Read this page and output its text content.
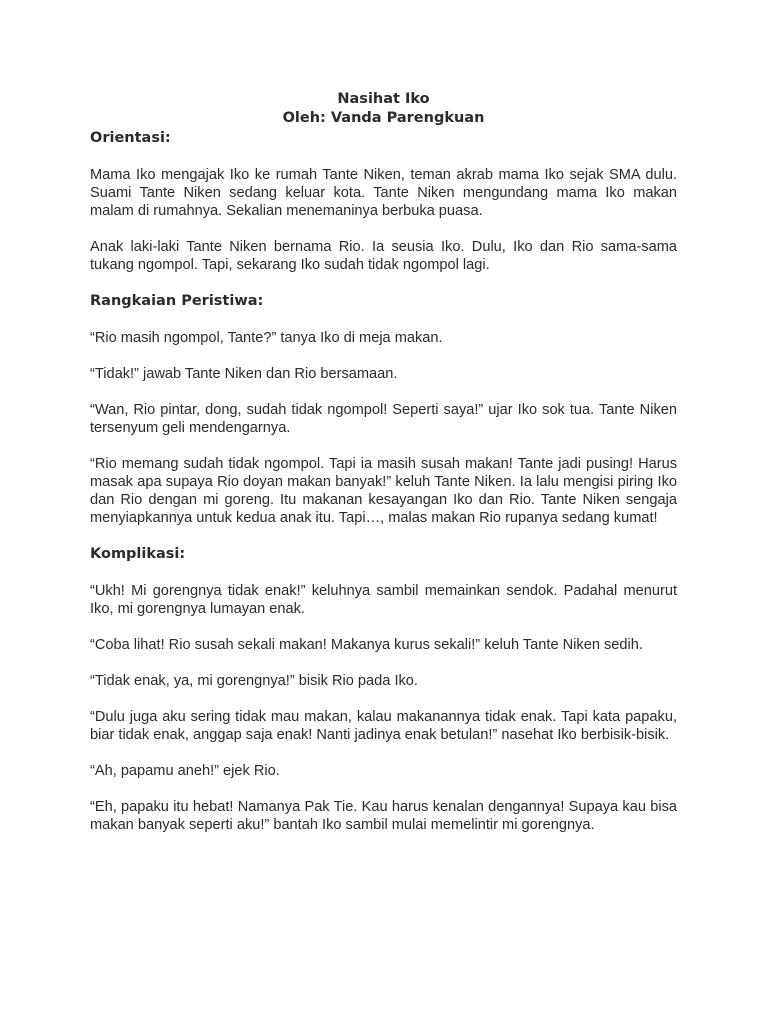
Nasihat Iko
Oleh: Vanda Parengkuan
Orientasi:

Mama Iko mengajak Iko ke rumah Tante Niken, teman akrab mama Iko sejak SMA dulu. Suami Tante Niken sedang keluar kota. Tante Niken mengundang mama Iko makan malam di rumahnya. Sekalian menemaninya berbuka puasa.

Anak laki-laki Tante Niken bernama Rio. Ia seusia Iko. Dulu, Iko dan Rio sama-sama tukang ngompol. Tapi, sekarang Iko sudah tidak ngompol lagi.

Rangkaian Peristiwa:

“Rio masih ngompol, Tante?” tanya Iko di meja makan.

“Tidak!” jawab Tante Niken dan Rio bersamaan.

“Wan, Rio pintar, dong, sudah tidak ngompol! Seperti saya!” ujar Iko sok tua. Tante Niken tersenyum geli mendengarnya.

“Rio memang sudah tidak ngompol. Tapi ia masih susah makan! Tante jadi pusing! Harus masak apa supaya Rio doyan makan banyak!” keluh Tante Niken. Ia lalu mengisi piring Iko dan Rio dengan mi goreng. Itu makanan kesayangan Iko dan Rio. Tante Niken sengaja menyiapkannya untuk kedua anak itu. Tapi…, malas makan Rio rupanya sedang kumat!

Komplikasi:

“Ukh! Mi gorengnya tidak enak!” keluhnya sambil memainkan sendok. Padahal menurut Iko, mi gorengnya lumayan enak.

“Coba lihat! Rio susah sekali makan! Makanya kurus sekali!” keluh Tante Niken sedih.

“Tidak enak, ya, mi gorengnya!” bisik Rio pada Iko.

“Dulu juga aku sering tidak mau makan, kalau makanannya tidak enak. Tapi kata papaku, biar tidak enak, anggap saja enak! Nanti jadinya enak betulan!” nasehat Iko berbisik-bisik.

“Ah, papamu aneh!” ejek Rio.

“Eh, papaku itu hebat! Namanya Pak Tie. Kau harus kenalan dengannya! Supaya kau bisa makan banyak seperti aku!” bantah Iko sambil mulai memelintir mi gorengnya.
